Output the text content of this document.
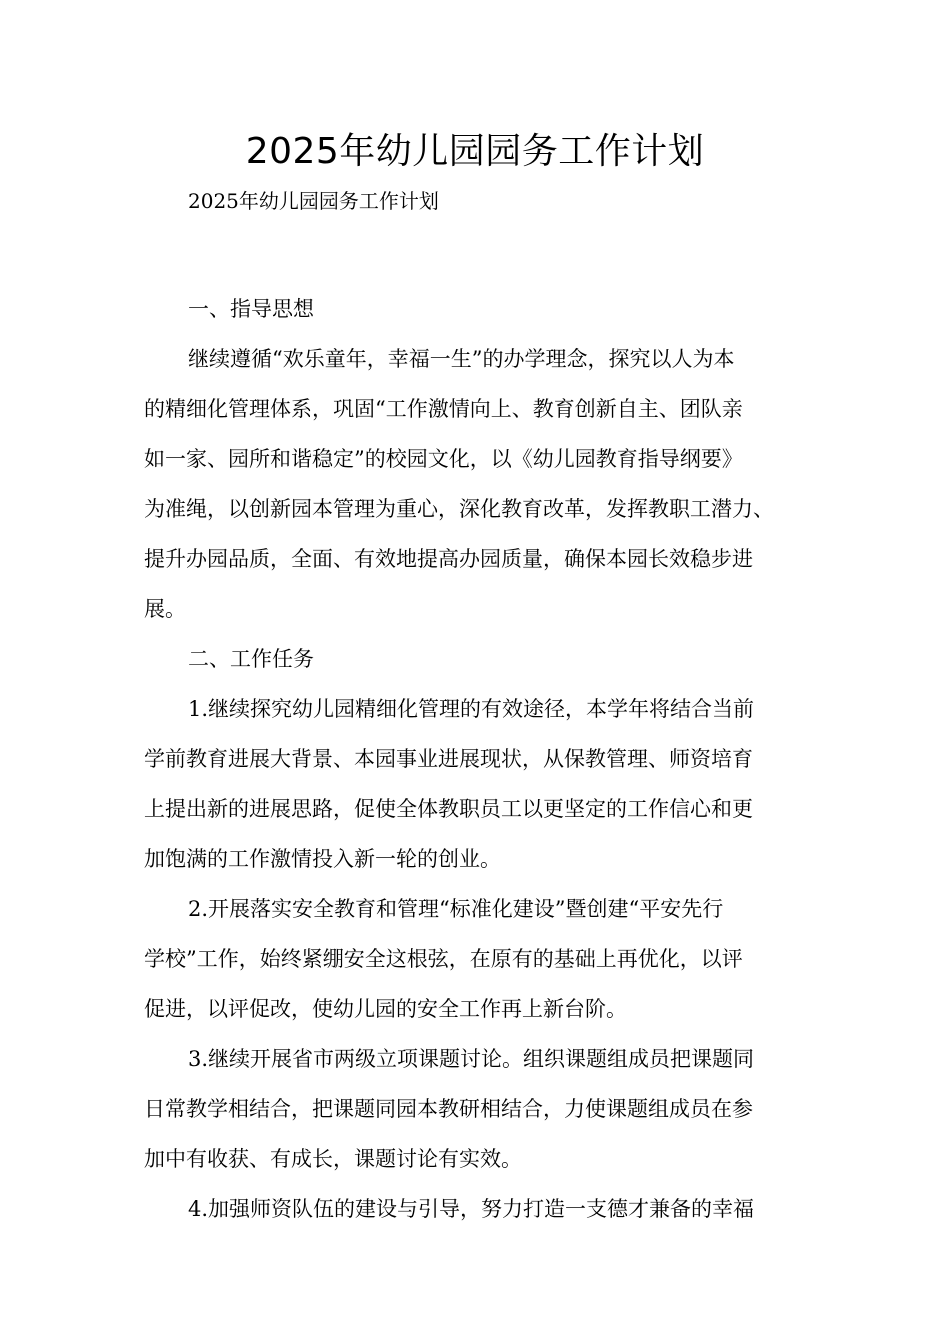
2025年幼儿园园务工作计划
2025年幼儿园园务工作计划

一、指导思想

继续遵循“欢乐童年，幸福一生”的办学理念，探究以人为本
的精细化管理体系，巩固“工作激情向上、教育创新自主、团队亲
如一家、园所和谐稳定”的校园文化，以《幼儿园教育指导纲要》
为准绳，以创新园本管理为重心，深化教育改革，发挥教职工潜力、
提升办园品质，全面、有效地提高办园质量，确保本园长效稳步进
展。

二、工作任务

1.继续探究幼儿园精细化管理的有效途径，本学年将结合当前
学前教育进展大背景、本园事业进展现状，从保教管理、师资培育
上提出新的进展思路，促使全体教职员工以更坚定的工作信心和更
加饱满的工作激情投入新一轮的创业。

2.开展落实安全教育和管理“标准化建设”暨创建“平安先行
学校”工作，始终紧绷安全这根弦，在原有的基础上再优化，以评
促进，以评促改，使幼儿园的安全工作再上新台阶。

3.继续开展省市两级立项课题讨论。组织课题组成员把课题同
日常教学相结合，把课题同园本教研相结合，力使课题组成员在参
加中有收获、有成长，课题讨论有实效。

4.加强师资队伍的建设与引导，努力打造一支德才兼备的幸福
